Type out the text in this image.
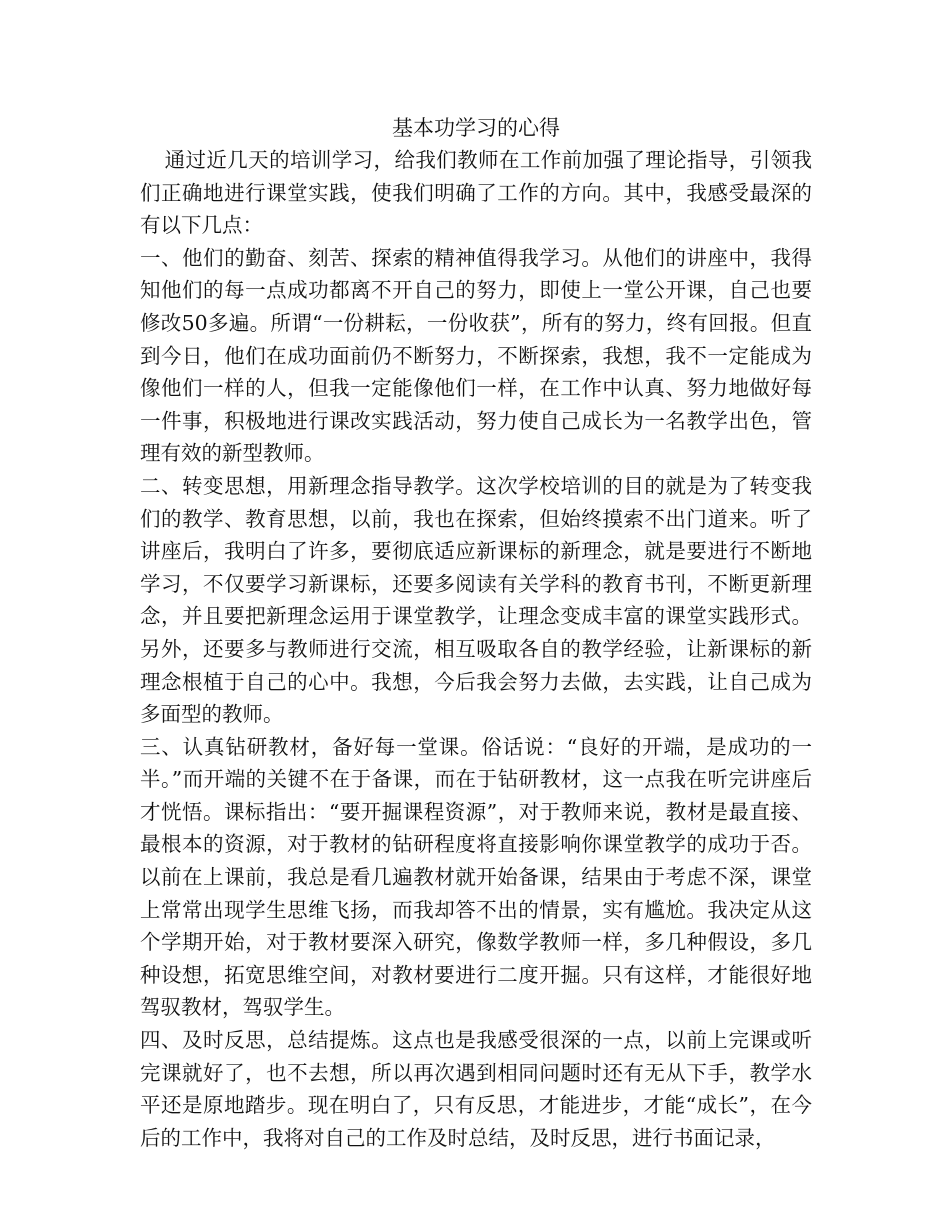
基本功学习的心得

通过近几天的培训学习，给我们教师在工作前加强了理论指导，引领我们正确地进行课堂实践，使我们明确了工作的方向。其中，我感受最深的有以下几点：

一、他们的勤奋、刻苦、探索的精神值得我学习。从他们的讲座中，我得知他们的每一点成功都离不开自己的努力，即使上一堂公开课，自己也要修改50多遍。所谓“一份耕耘，一份收获”，所有的努力，终有回报。但直到今日，他们在成功面前仍不断努力，不断探索，我想，我不一定能成为像他们一样的人，但我一定能像他们一样，在工作中认真、努力地做好每一件事，积极地进行课改实践活动，努力使自己成长为一名教学出色，管理有效的新型教师。

二、转变思想，用新理念指导教学。这次学校培训的目的就是为了转变我们的教学、教育思想，以前，我也在探索，但始终摸索不出门道来。听了讲座后，我明白了许多，要彻底适应新课标的新理念，就是要进行不断地学习，不仅要学习新课标，还要多阅读有关学科的教育书刊，不断更新理念，并且要把新理念运用于课堂教学，让理念变成丰富的课堂实践形式。另外，还要多与教师进行交流，相互吸取各自的教学经验，让新课标的新理念根植于自己的心中。我想，今后我会努力去做，去实践，让自己成为多面型的教师。

三、认真钻研教材，备好每一堂课。俗话说：“良好的开端，是成功的一半。”而开端的关键不在于备课，而在于钻研教材，这一点我在听完讲座后才恍悟。课标指出：“要开掘课程资源”，对于教师来说，教材是最直接、最根本的资源，对于教材的钻研程度将直接影响你课堂教学的成功于否。以前在上课前，我总是看几遍教材就开始备课，结果由于考虑不深，课堂上常常出现学生思维飞扬，而我却答不出的情景，实有尴尬。我决定从这个学期开始，对于教材要深入研究，像数学教师一样，多几种假设，多几种设想，拓宽思维空间，对教材要进行二度开掘。只有这样，才能很好地驾驭教材，驾驭学生。

四、及时反思，总结提炼。这点也是我感受很深的一点，以前上完课或听完课就好了，也不去想，所以再次遇到相同问题时还有无从下手，教学水平还是原地踏步。现在明白了，只有反思，才能进步，才能“成长”，在今后的工作中，我将对自己的工作及时总结，及时反思，进行书面记录，
